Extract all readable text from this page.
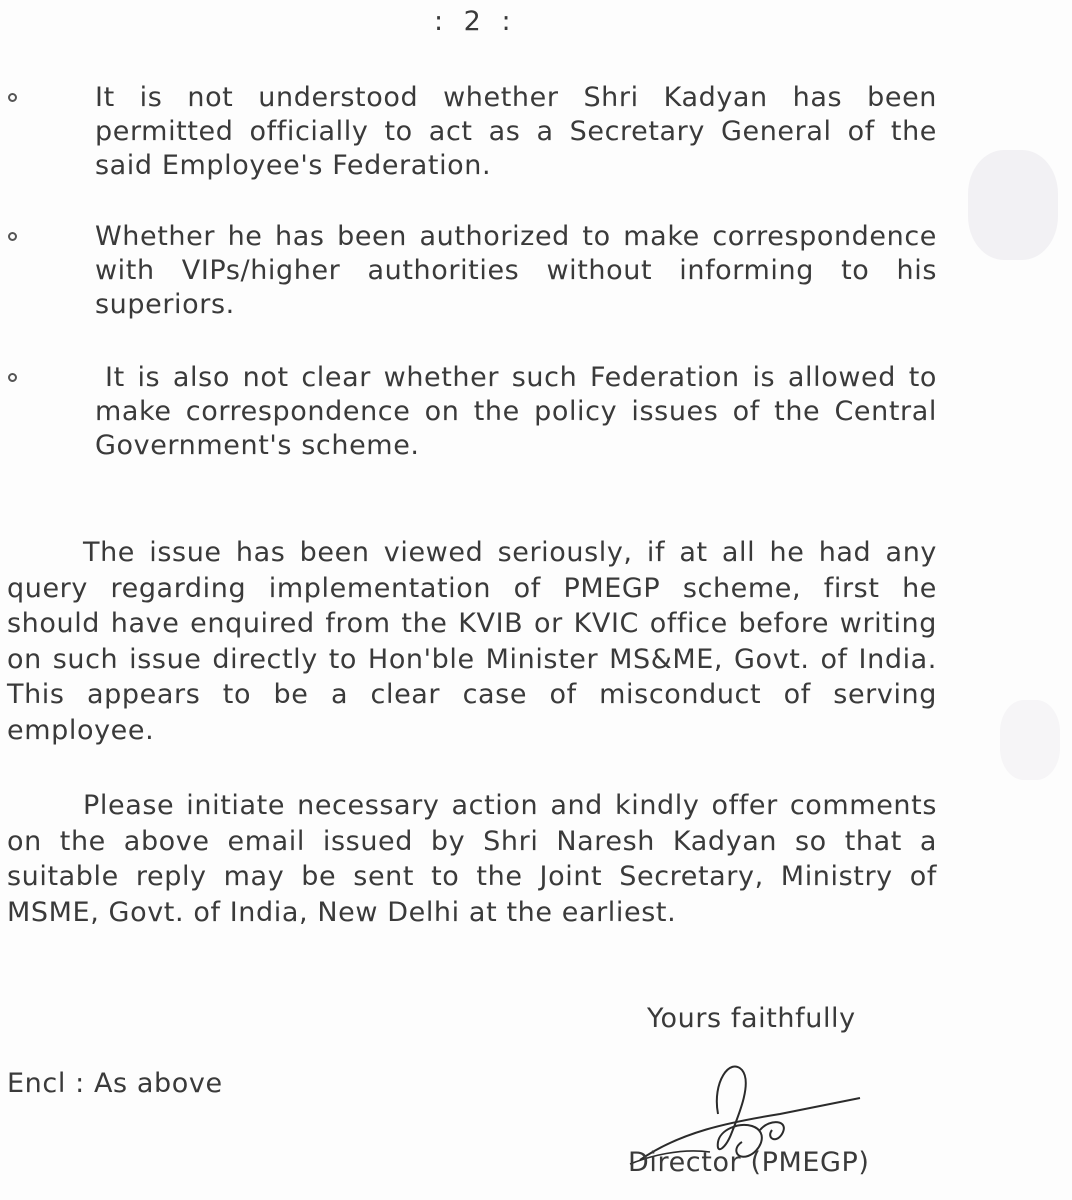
: 2 :
It is not understood whether Shri Kadyan has been permitted officially to act as a Secretary General of the said Employee's Federation.
Whether he has been authorized to make correspondence with VIPs/higher authorities without informing to his superiors.
It is also not clear whether such Federation is allowed to make correspondence on the policy issues of the Central Government's scheme.
The issue has been viewed seriously, if at all he had any query regarding implementation of PMEGP scheme, first he should have enquired from the KVIB or KVIC office before writing on such issue directly to Hon'ble Minister MS&ME, Govt. of India. This appears to be a clear case of misconduct of serving employee.
Please initiate necessary action and kindly offer comments on the above email issued by Shri Naresh Kadyan so that a suitable reply may be sent to the Joint Secretary, Ministry of MSME, Govt. of India, New Delhi at the earliest.
Yours faithfully
Encl : As above
Director (PMEGP)
